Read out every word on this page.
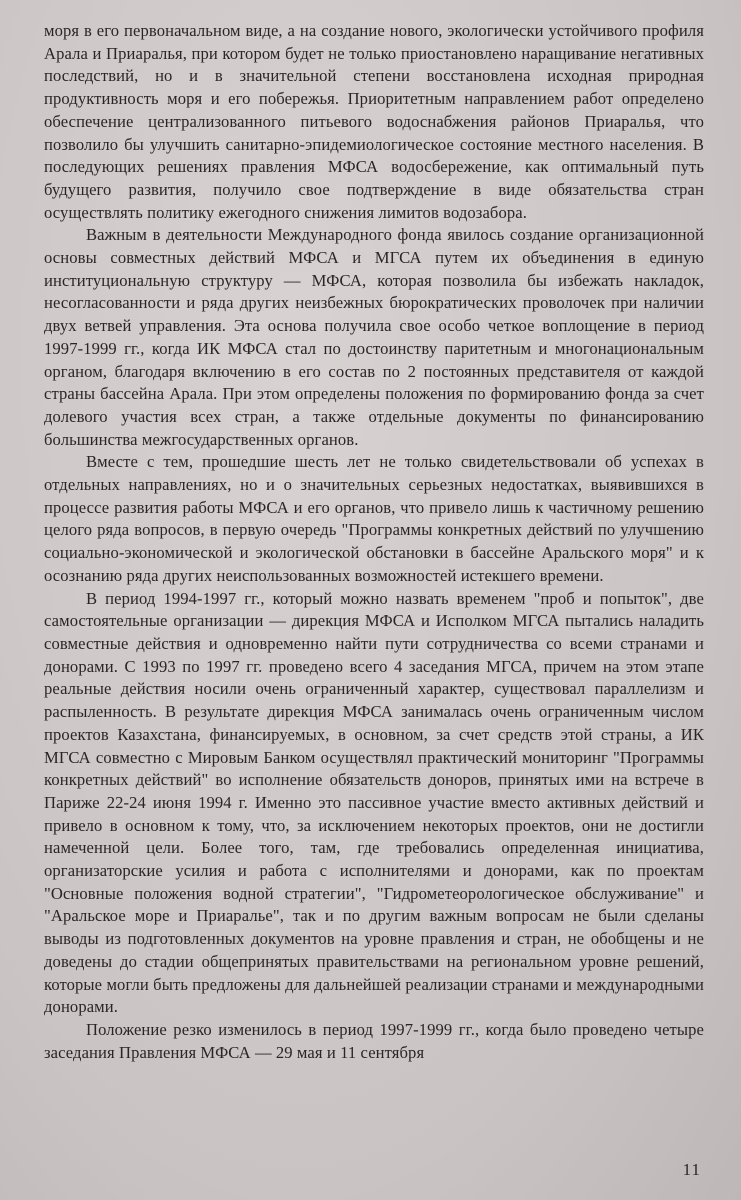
моря в его первоначальном виде, а на создание нового, экологически устойчивого профиля Арала и Приаралья, при котором будет не только приостановлено наращивание негативных последствий, но и в значительной степени восстановлена исходная природная продуктивность моря и его побережья. Приоритетным направлением работ определено обеспечение централизованного питьевого водоснабжения районов Приаралья, что позволило бы улучшить санитарно-эпидемиологическое состояние местного населения. В последующих решениях правления МФСА водосбережение, как оптимальный путь будущего развития, получило свое подтверждение в виде обязательства стран осуществлять политику ежегодного снижения лимитов водозабора.

Важным в деятельности Международного фонда явилось создание организационной основы совместных действий МФСА и МГСА путем их объединения в единую институциональную структуру — МФСА, которая позволила бы избежать накладок, несогласованности и ряда других неизбежных бюрократических проволочек при наличии двух ветвей управления. Эта основа получила свое особо четкое воплощение в период 1997-1999 гг., когда ИК МФСА стал по достоинству паритетным и многонациональным органом, благодаря включению в его состав по 2 постоянных представителя от каждой страны бассейна Арала. При этом определены положения по формированию фонда за счет долевого участия всех стран, а также отдельные документы по финансированию большинства межгосударственных органов.

Вместе с тем, прошедшие шесть лет не только свидетельствовали об успехах в отдельных направлениях, но и о значительных серьезных недостатках, выявившихся в процессе развития работы МФСА и его органов, что привело лишь к частичному решению целого ряда вопросов, в первую очередь "Программы конкретных действий по улучшению социально-экономической и экологической обстановки в бассейне Аральского моря" и к осознанию ряда других неиспользованных возможностей истекшего времени.

В период 1994-1997 гг., который можно назвать временем "проб и попыток", две самостоятельные организации — дирекция МФСА и Исполком МГСА пытались наладить совместные действия и одновременно найти пути сотрудничества со всеми странами и донорами. С 1993 по 1997 гг. проведено всего 4 заседания МГСА, причем на этом этапе реальные действия носили очень ограниченный характер, существовал параллелизм и распыленность. В результате дирекция МФСА занималась очень ограниченным числом проектов Казахстана, финансируемых, в основном, за счет средств этой страны, а ИК МГСА совместно с Мировым Банком осуществлял практический мониторинг "Программы конкретных действий" во исполнение обязательств доноров, принятых ими на встрече в Париже 22-24 июня 1994 г. Именно это пассивное участие вместо активных действий и привело в основном к тому, что, за исключением некоторых проектов, они не достигли намеченной цели. Более того, там, где требовались определенная инициатива, организаторские усилия и работа с исполнителями и донорами, как по проектам "Основные положения водной стратегии", "Гидрометеорологическое обслуживание" и "Аральское море и Приаралье", так и по другим важным вопросам не были сделаны выводы из подготовленных документов на уровне правления и стран, не обобщены и не доведены до стадии общепринятых правительствами на региональном уровне решений, которые могли быть предложены для дальнейшей реализации странами и международными донорами.

Положение резко изменилось в период 1997-1999 гг., когда было проведено четыре заседания Правления МФСА — 29 мая и 11 сентября

11
